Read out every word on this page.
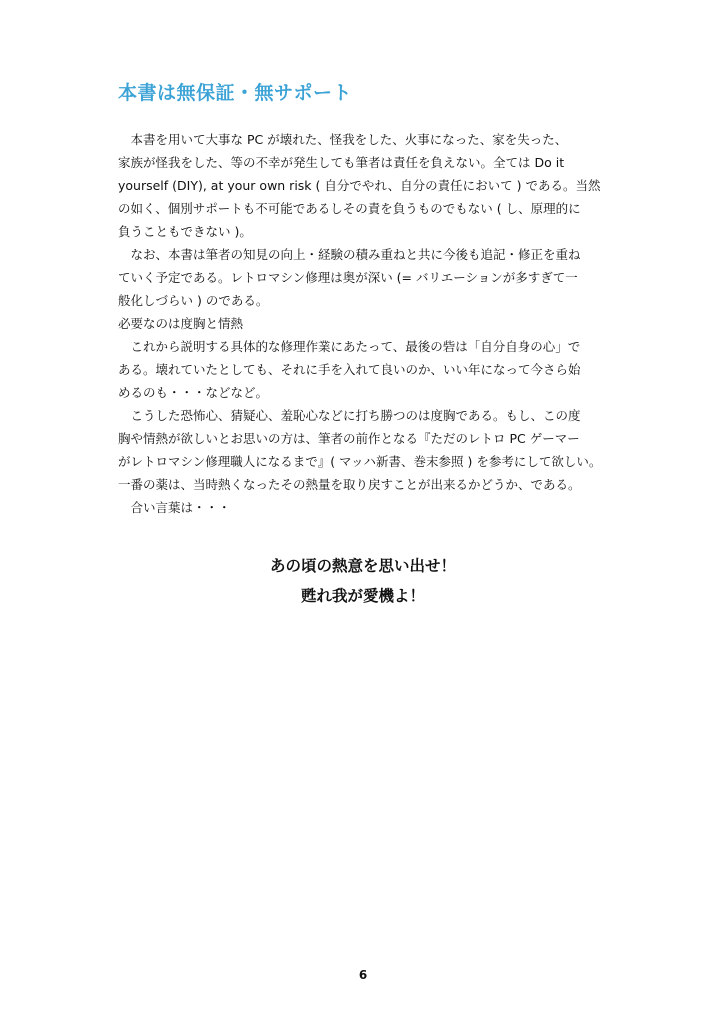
本書は無保証・無サポート
　本書を用いて大事な PC が壊れた、怪我をした、火事になった、家を失った、
家族が怪我をした、等の不幸が発生しても筆者は責任を負えない。全ては Do it
yourself (DIY), at your own risk ( 自分でやれ、自分の責任において ) である。当然
の如く、個別サポートも不可能であるしその責を負うものでもない ( し、原理的に
負うこともできない )。
　なお、本書は筆者の知見の向上・経験の積み重ねと共に今後も追記・修正を重ね
ていく予定である。レトロマシン修理は奥が深い (= バリエーションが多すぎて一
般化しづらい ) のである。
必要なのは度胸と情熱
　これから説明する具体的な修理作業にあたって、最後の砦は「自分自身の心」で
ある。壊れていたとしても、それに手を入れて良いのか、いい年になって今さら始
めるのも・・・などなど。
　こうした恐怖心、猜疑心、羞恥心などに打ち勝つのは度胸である。もし、この度
胸や情熱が欲しいとお思いの方は、筆者の前作となる『ただのレトロ PC ゲーマー
がレトロマシン修理職人になるまで』( マッハ新書、巻末参照 ) を参考にして欲しい。
一番の薬は、当時熱くなったその熱量を取り戻すことが出来るかどうか、である。
　合い言葉は・・・
あの頃の熱意を思い出せ！
甦れ我が愛機よ！
6
